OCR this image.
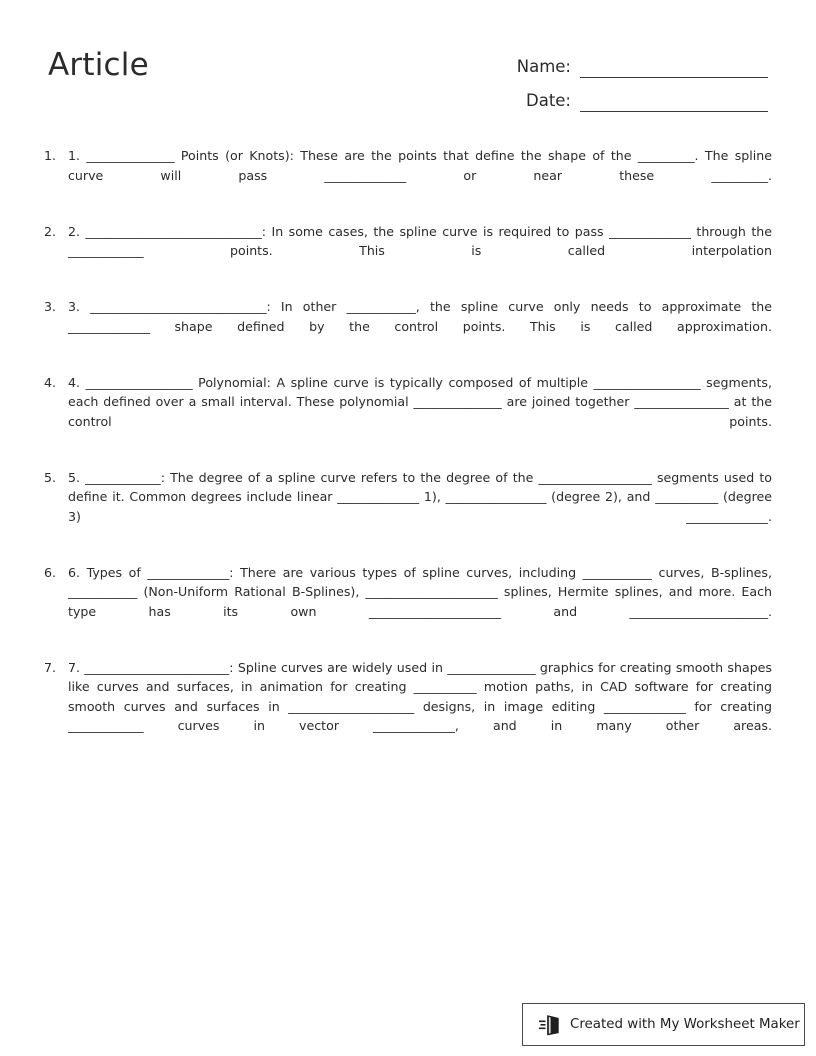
Article	Name:
Date:
1. 1. ______________ Points (or Knots): These are the points that define the shape of the _________. The spline curve will pass _____________ or near these _________.
2. 2. ____________________________: In some cases, the spline curve is required to pass _____________ through the ____________ points. This is called interpolation
3. 3. ____________________________: In other ___________, the spline curve only needs to approximate the _____________ shape defined by the control points. This is called approximation.
4. 4. _________________ Polynomial: A spline curve is typically composed of multiple _________________ segments, each defined over a small interval. These polynomial ______________ are joined together _______________ at the control points.
5. 5. ____________: The degree of a spline curve refers to the degree of the __________________ segments used to define it. Common degrees include linear _____________ 1), ________________ (degree 2), and __________ (degree 3) _____________.
6. 6. Types of _____________: There are various types of spline curves, including ___________ curves, B-splines, ___________ (Non-Uniform Rational B-Splines), _____________________ splines, Hermite splines, and more. Each type has its own _____________________ and ______________________.
7. 7. _______________________: Spline curves are widely used in ______________ graphics for creating smooth shapes like curves and surfaces, in animation for creating __________ motion paths, in CAD software for creating smooth curves and surfaces in ____________________ designs, in image editing _____________ for creating ____________ curves in vector _____________, and in many other areas.
Created with My Worksheet Maker
